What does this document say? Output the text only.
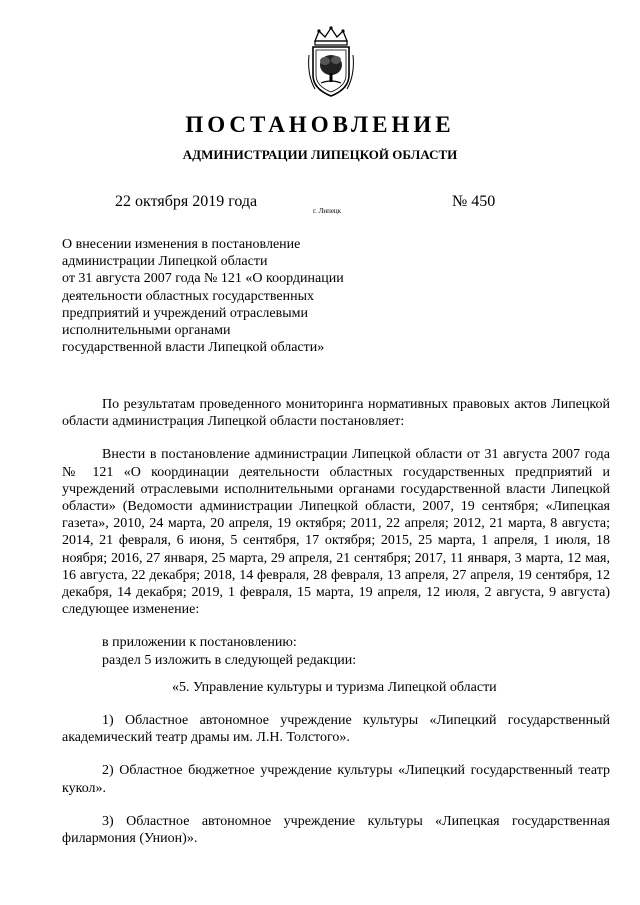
ПОСТАНОВЛЕНИЕ
АДМИНИСТРАЦИИ ЛИПЕЦКОЙ ОБЛАСТИ
22 октября 2019 года
г. Липецк
№ 450
О внесении изменения в постановление
администрации Липецкой области
от 31 августа 2007 года № 121 «О координации
деятельности областных государственных
предприятий и учреждений отраслевыми
исполнительными органами
государственной власти Липецкой области»

По результатам проведенного мониторинга нормативных правовых актов Липецкой области администрация Липецкой области постановляет:

Внести в постановление администрации Липецкой области от 31 августа 2007 года № 121 «О координации деятельности областных государственных предприятий и учреждений отраслевыми исполнительными органами государственной власти Липецкой области» (Ведомости администрации Липецкой области, 2007, 19 сентября; «Липецкая газета», 2010, 24 марта, 20 апреля, 19 октября; 2011, 22 апреля; 2012, 21 марта, 8 августа; 2014, 21 февраля, 6 июня, 5 сентября, 17 октября; 2015, 25 марта, 1 апреля, 1 июля, 18 ноября; 2016, 27 января, 25 марта, 29 апреля, 21 сентября; 2017, 11 января, 3 марта, 12 мая, 16 августа, 22 декабря; 2018, 14 февраля, 28 февраля, 13 апреля, 27 апреля, 19 сентября, 12 декабря, 14 декабря; 2019, 1 февраля, 15 марта, 19 апреля, 12 июля, 2 августа, 9 августа) следующее изменение:

в приложении к постановлению:

раздел 5 изложить в следующей редакции:

«5. Управление культуры и туризма Липецкой области

1) Областное автономное учреждение культуры «Липецкий государственный академический театр драмы им. Л.Н. Толстого».

2) Областное бюджетное учреждение культуры «Липецкий государственный театр кукол».

3) Областное автономное учреждение культуры «Липецкая государственная филармония (Унион)».
